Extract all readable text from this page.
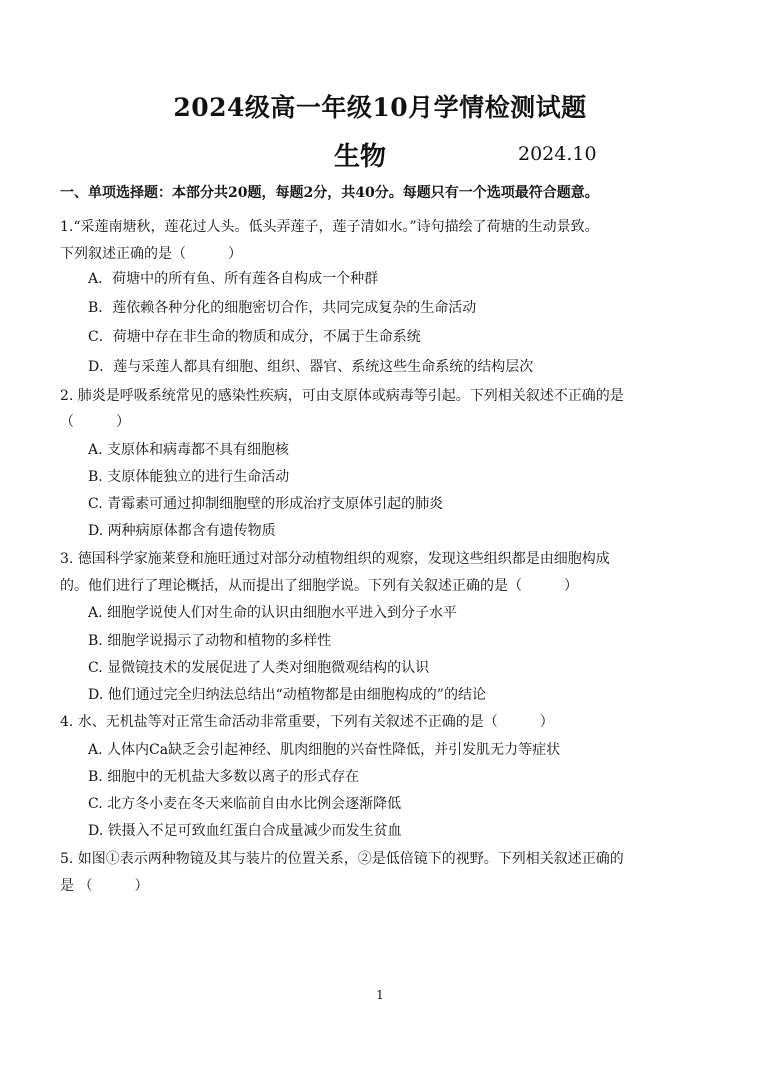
2024级高一年级10月学情检测试题
生物	2024.10
一、单项选择题：本部分共20题，每题2分，共40分。每题只有一个选项最符合题意。
1.“采莲南塘秋，莲花过人头。低头弄莲子，莲子清如水。”诗句描绘了荷塘的生动景致。
下列叙述正确的是（　　　）
A．荷塘中的所有鱼、所有莲各自构成一个种群
B．莲依赖各种分化的细胞密切合作，共同完成复杂的生命活动
C．荷塘中存在非生命的物质和成分，不属于生命系统
D．莲与采莲人都具有细胞、组织、器官、系统这些生命系统的结构层次
2. 肺炎是呼吸系统常见的感染性疾病，可由支原体或病毒等引起。下列相关叙述不正确的是
（　　　）
A. 支原体和病毒都不具有细胞核
B. 支原体能独立的进行生命活动
C. 青霉素可通过抑制细胞壁的形成治疗支原体引起的肺炎
D. 两种病原体都含有遗传物质
3. 德国科学家施莱登和施旺通过对部分动植物组织的观察，发现这些组织都是由细胞构成
的。他们进行了理论概括，从而提出了细胞学说。下列有关叙述正确的是（　　　）
A. 细胞学说使人们对生命的认识由细胞水平进入到分子水平
B. 细胞学说揭示了动物和植物的多样性
C. 显微镜技术的发展促进了人类对细胞微观结构的认识
D. 他们通过完全归纳法总结出“动植物都是由细胞构成的”的结论
4. 水、无机盐等对正常生命活动非常重要，下列有关叙述不正确的是（　　　）
A. 人体内Ca缺乏会引起神经、肌肉细胞的兴奋性降低，并引发肌无力等症状
B. 细胞中的无机盐大多数以离子的形式存在
C. 北方冬小麦在冬天来临前自由水比例会逐渐降低
D. 铁摄入不足可致血红蛋白合成量减少而发生贫血
5. 如图①表示两种物镜及其与装片的位置关系，②是低倍镜下的视野。下列相关叙述正确的
是 （　　　）
1
